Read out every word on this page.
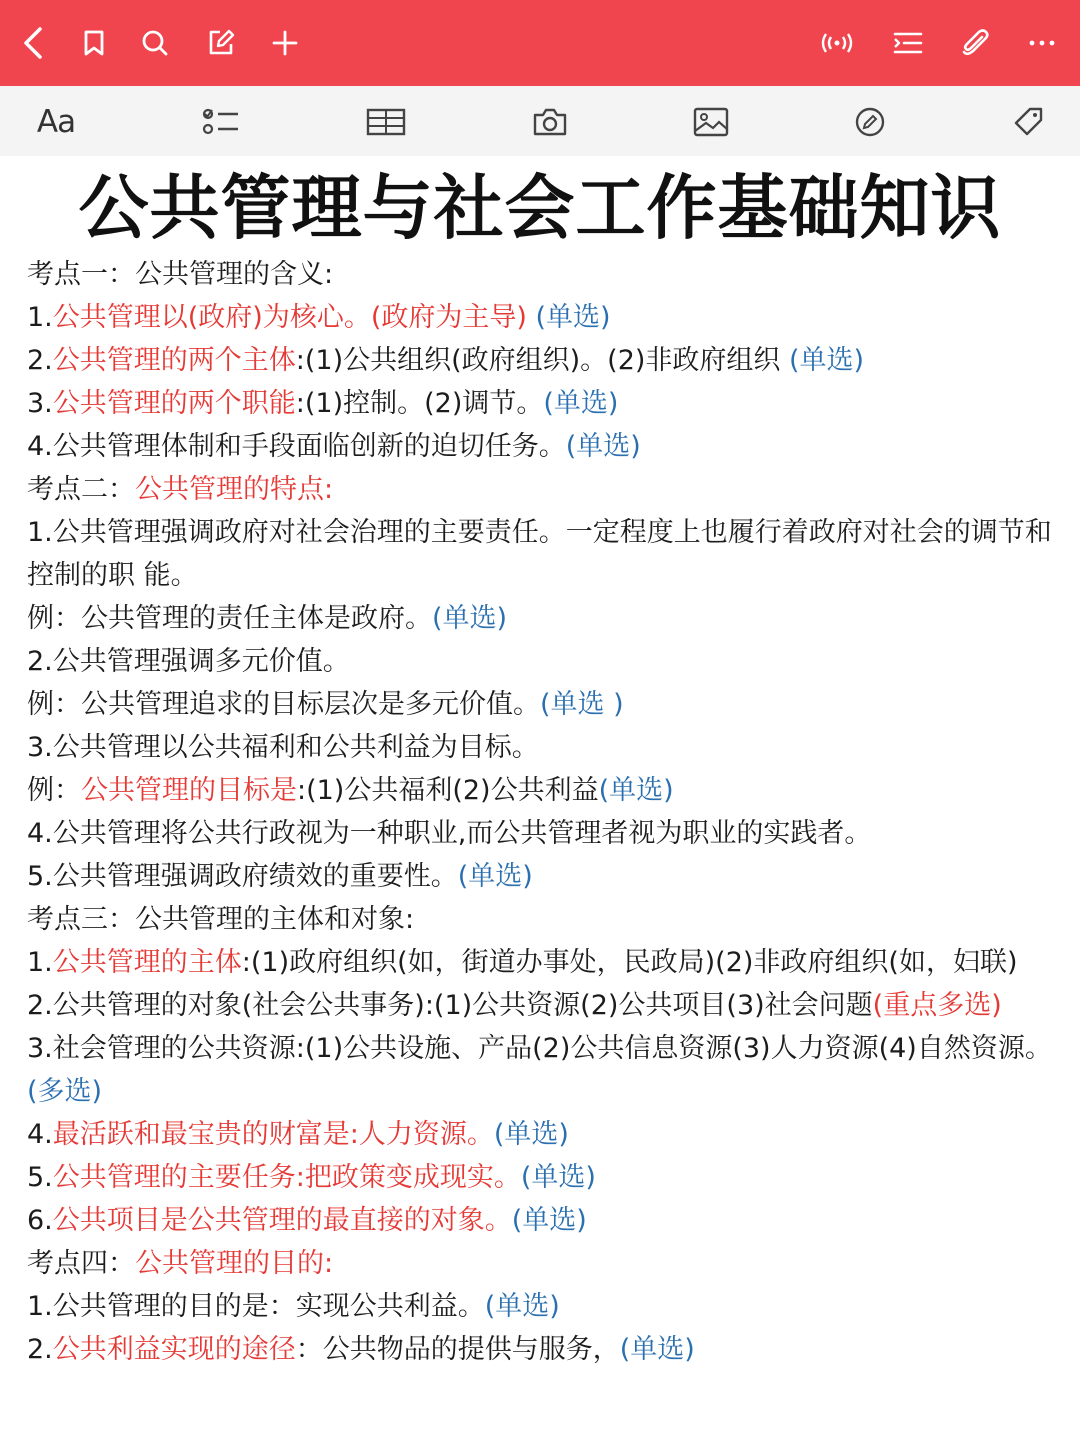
Aa
公共管理与社会工作基础知识

考点一：公共管理的含义:

1.公共管理以(政府)为核心。(政府为主导) (单选)

2.公共管理的两个主体:(1)公共组织(政府组织)。(2)非政府组织 (单选)

3.公共管理的两个职能:(1)控制。(2)调节。(单选)

4.公共管理体制和手段面临创新的迫切任务。(单选)

考点二：公共管理的特点:

1.公共管理强调政府对社会治理的主要责任。一定程度上也履行着政府对社会的调节和控制的职 能。

例：公共管理的责任主体是政府。(单选)

2.公共管理强调多元价值。

例：公共管理追求的目标层次是多元价值。(单选 )

3.公共管理以公共福利和公共利益为目标。

例：公共管理的目标是:(1)公共福利(2)公共利益(单选)

4.公共管理将公共行政视为一种职业,而公共管理者视为职业的实践者。

5.公共管理强调政府绩效的重要性。(单选)

考点三：公共管理的主体和对象:

1.公共管理的主体:(1)政府组织(如，街道办事处，民政局)(2)非政府组织(如，妇联)

2.公共管理的对象(社会公共事务):(1)公共资源(2)公共项目(3)社会问题(重点多选)

3.社会管理的公共资源:(1)公共设施、产品(2)公共信息资源(3)人力资源(4)自然资源。(多选)

4.最活跃和最宝贵的财富是:人力资源。(单选)

5.公共管理的主要任务:把政策变成现实。(单选)

6.公共项目是公共管理的最直接的对象。(单选)

考点四：公共管理的目的:

1.公共管理的目的是：实现公共利益。(单选)

2.公共利益实现的途径：公共物品的提供与服务，(单选)
